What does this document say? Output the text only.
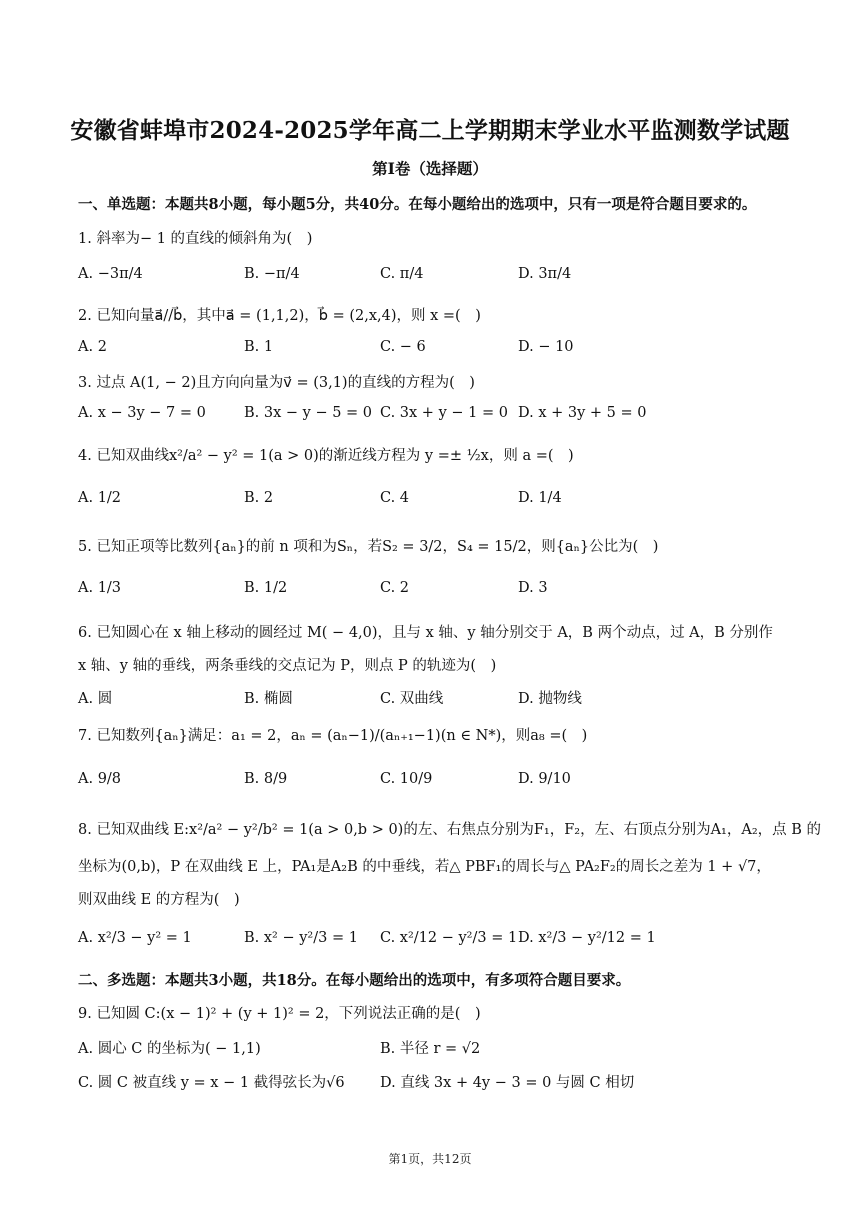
安徽省蚌埠市2024-2025学年高二上学期期末学业水平监测数学试题
第I卷（选择题）
一、单选题：本题共8小题，每小题5分，共40分。在每小题给出的选项中，只有一项是符合题目要求的。
1. 斜率为− 1 的直线的倾斜角为(　)
A. −3π/4	B. −π/4	C. π/4	D. 3π/4
2. 已知向量a⃗//b⃗，其中a⃗ = (1,1,2)，b⃗ = (2,x,4)，则 x =(　)
A. 2	B. 1	C. − 6	D. − 10
3. 过点 A(1, − 2)且方向向量为v⃗ = (3,1)的直线的方程为(　)
A. x − 3y − 7 = 0	B. 3x − y − 5 = 0 C. 3x + y − 1 = 0 D. x + 3y + 5 = 0
4. 已知双曲线x²/a² − y² = 1(a > 0)的渐近线方程为 y =± ½x，则 a =(　)
A. 1/2	B. 2	C. 4	D. 1/4
5. 已知正项等比数列{aₙ}的前 n 项和为Sₙ，若S₂ = 3/2，S₄ = 15/2，则{aₙ}公比为(　)
A. 1/3	B. 1/2	C. 2	D. 3
6. 已知圆心在 x 轴上移动的圆经过 M( − 4,0)，且与 x 轴、y 轴分别交于 A，B 两个动点，过 A，B 分别作
x 轴、y 轴的垂线，两条垂线的交点记为 P，则点 P 的轨迹为(　)
A. 圆	B. 椭圆	C. 双曲线	D. 抛物线
7. 已知数列{aₙ}满足：a₁ = 2，aₙ = (aₙ−1)/(aₙ₊₁−1)(n ∈ N*)，则a₈ =(　)
A. 9/8	B. 8/9	C. 10/9	D. 9/10
8. 已知双曲线 E:x²/a² − y²/b² = 1(a > 0,b > 0)的左、右焦点分别为F₁，F₂，左、右顶点分别为A₁，A₂，点 B 的
坐标为(0,b)，P 在双曲线 E 上，PA₁是A₂B 的中垂线，若△ PBF₁的周长与△ PA₂F₂的周长之差为 1 + √7，
则双曲线 E 的方程为(　)
A. x²/3 − y² = 1	B. x² − y²/3 = 1 C. x²/12 − y²/3 = 1 D. x²/3 − y²/12 = 1
二、多选题：本题共3小题，共18分。在每小题给出的选项中，有多项符合题目要求。
9. 已知圆 C:(x − 1)² + (y + 1)² = 2，下列说法正确的是(　)
A. 圆心 C 的坐标为( − 1,1)	B. 半径 r = √2
C. 圆 C 被直线 y = x − 1 截得弦长为√6 D. 直线 3x + 4y − 3 = 0 与圆 C 相切
第1页，共12页
